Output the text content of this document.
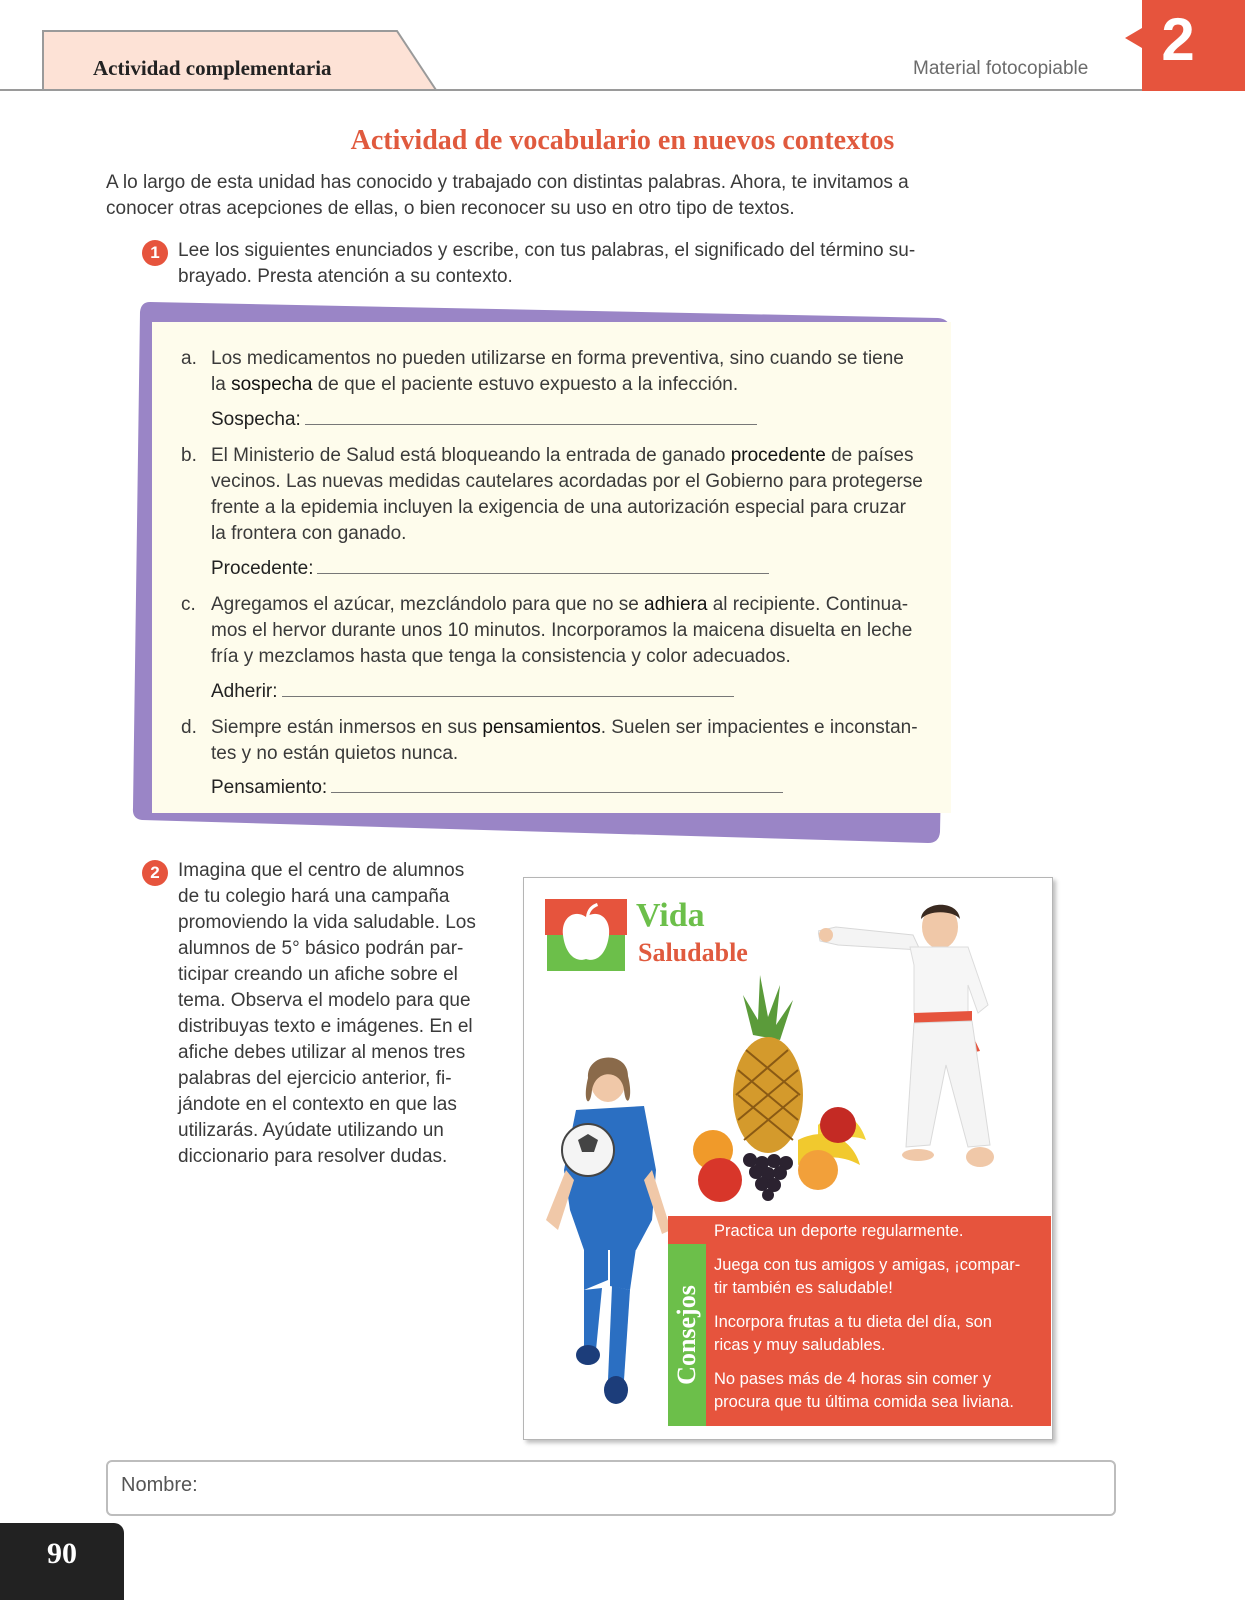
Actividad complementaria	Material fotocopiable 2
Actividad de vocabulario en nuevos contextos
A lo largo de esta unidad has conocido y trabajado con distintas palabras. Ahora, te invitamos a
conocer otras acepciones de ellas, o bien reconocer su uso en otro tipo de textos.
1 Lee los siguientes enunciados y escribe, con tus palabras, el significado del término su-
brayado. Presta atención a su contexto.
a. Los medicamentos no pueden utilizarse en forma preventiva, sino cuando se tiene
la sospecha de que el paciente estuvo expuesto a la infección.
Sospecha:
b. El Ministerio de Salud está bloqueando la entrada de ganado procedente de países
vecinos. Las nuevas medidas cautelares acordadas por el Gobierno para protegerse
frente a la epidemia incluyen la exigencia de una autorización especial para cruzar
la frontera con ganado.
Procedente:
c. Agregamos el azúcar, mezclándolo para que no se adhiera al recipiente. Continua-
mos el hervor durante unos 10 minutos. Incorporamos la maicena disuelta en leche
fría y mezclamos hasta que tenga la consistencia y color adecuados.
Adherir:
d. Siempre están inmersos en sus pensamientos. Suelen ser impacientes e inconstan-
tes y no están quietos nunca.
Pensamiento:
2 Imagina que el centro de alumnos
de tu colegio hará una campaña
promoviendo la vida saludable. Los
alumnos de 5° básico podrán par-
ticipar creando un afiche sobre el
tema. Observa el modelo para que
distribuyas texto e imágenes. En el
afiche debes utilizar al menos tres
palabras del ejercicio anterior, fi-
jándote en el contexto en que las
utilizarás. Ayúdate utilizando un
diccionario para resolver dudas.
Vida
Saludable
Consejos
Practica un deporte regularmente.
Juega con tus amigos y amigas, ¡compar-
tir también es saludable!
Incorpora frutas a tu dieta del día, son
ricas y muy saludables.
No pases más de 4 horas sin comer y
procura que tu última comida sea liviana.
Nombre:
90
